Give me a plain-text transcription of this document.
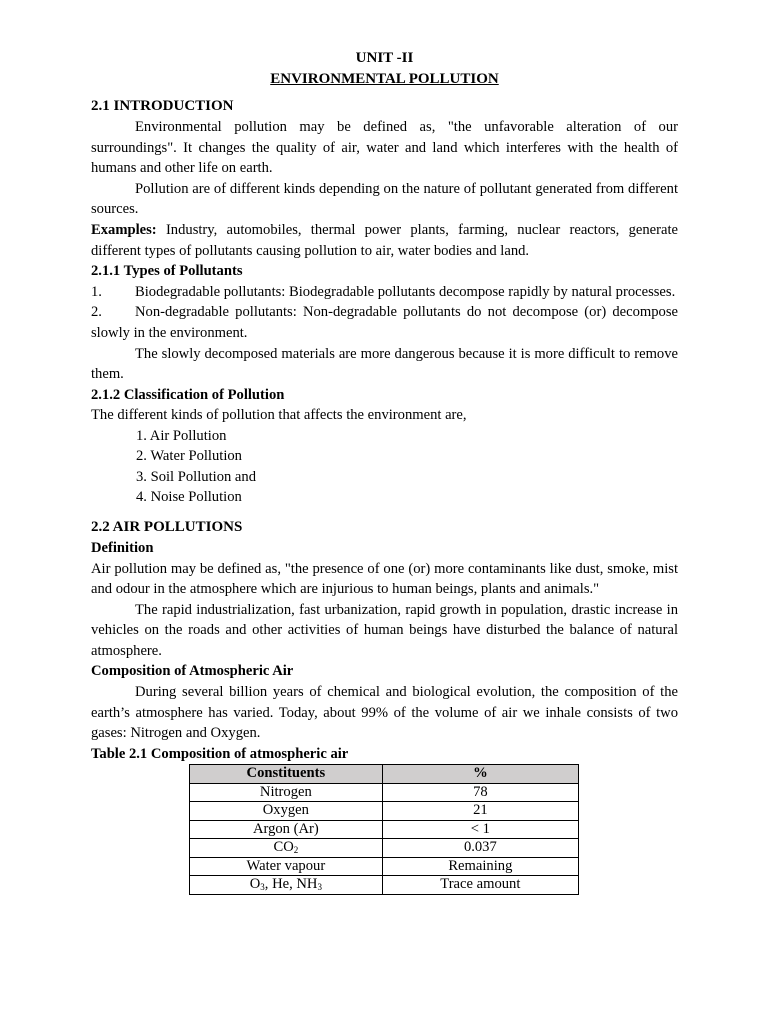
UNIT -II

ENVIRONMENTAL POLLUTION

2.1 INTRODUCTION

Environmental pollution may be defined as, "the unfavorable alteration of our surroundings". It changes the quality of air, water and land which interferes with the health of humans and other life on earth.

Pollution are of different kinds depending on the nature of pollutant generated from different sources.

Examples: Industry, automobiles, thermal power plants, farming, nuclear reactors, generate different types of pollutants causing pollution to air, water bodies and land.

2.1.1 Types of Pollutants

1. Biodegradable pollutants: Biodegradable pollutants decompose rapidly by natural processes.

2. Non-degradable pollutants: Non-degradable pollutants do not decompose (or) decompose slowly in the environment.

The slowly decomposed materials are more dangerous because it is more difficult to remove them.

2.1.2 Classification of Pollution

The different kinds of pollution that affects the environment are,

1. Air Pollution
2. Water Pollution
3. Soil Pollution and
4. Noise Pollution
2.2 AIR POLLUTIONS
Definition

Air pollution may be defined as, "the presence of one (or) more contaminants like dust, smoke, mist and odour in the atmosphere which are injurious to human beings, plants and animals."

The rapid industrialization, fast urbanization, rapid growth in population, drastic increase in vehicles on the roads and other activities of human beings have disturbed the balance of natural atmosphere.

Composition of Atmospheric Air

During several billion years of chemical and biological evolution, the composition of the earth’s atmosphere has varied. Today, about 99% of the volume of air we inhale consists of two gases: Nitrogen and Oxygen.

Table 2.1 Composition of atmospheric air
Constituents	%
Nitrogen	78
Oxygen	21
Argon (Ar)	< 1
$CO_2$	0.037
Water vapour	Remaining
$O_3$, He, $NH_3$	Trace amount
